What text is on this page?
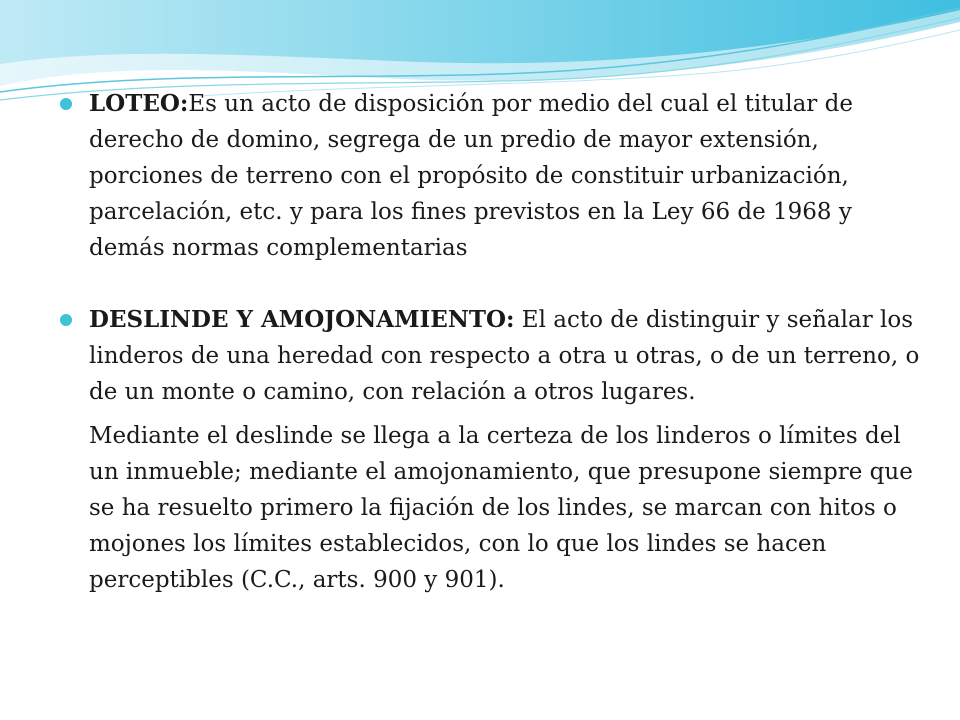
LOTEO:Es un acto de disposición por medio del cual el titular de derecho de domino, segrega de un predio de mayor extensión, porciones de terreno con el propósito de constituir urbanización, parcelación, etc. y para los fines previstos en la Ley 66 de 1968 y demás normas complementarias

DESLINDE Y AMOJONAMIENTO: El acto de distinguir y señalar los linderos de una heredad con respecto a otra u otras, o de un terreno, o de un monte o camino, con relación a otros lugares.

Mediante el deslinde se llega a la certeza de los linderos o límites del un inmueble; mediante el amojonamiento, que presupone siempre que se ha resuelto primero la fijación de los lindes, se marcan con hitos o mojones los límites establecidos, con lo que los lindes se hacen perceptibles (C.C., arts. 900 y 901).
